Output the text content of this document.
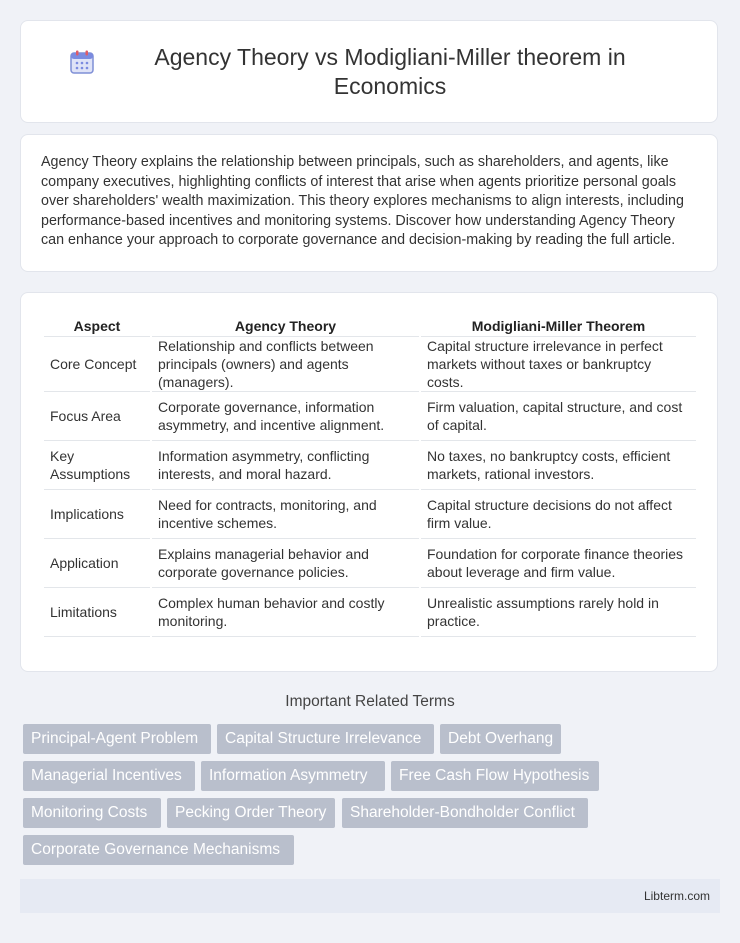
Agency Theory vs Modigliani-Miller theorem in Economics

Agency Theory explains the relationship between principals, such as shareholders, and agents, like company executives, highlighting conflicts of interest that arise when agents prioritize personal goals over shareholders' wealth maximization. This theory explores mechanisms to align interests, including performance-based incentives and monitoring systems. Discover how understanding Agency Theory can enhance your approach to corporate governance and decision-making by reading the full article.

Aspect	Agency Theory	Modigliani-Miller Theorem
Core Concept	Relationship and conflicts between principals (owners) and agents (managers).	Capital structure irrelevance in perfect markets without taxes or bankruptcy costs.
Focus Area	Corporate governance, information asymmetry, and incentive alignment.	Firm valuation, capital structure, and cost of capital.
Key Assumptions	Information asymmetry, conflicting interests, and moral hazard.	No taxes, no bankruptcy costs, efficient markets, rational investors.
Implications	Need for contracts, monitoring, and incentive schemes.	Capital structure decisions do not affect firm value.
Application	Explains managerial behavior and corporate governance policies.	Foundation for corporate finance theories about leverage and firm value.
Limitations	Complex human behavior and costly monitoring.	Unrealistic assumptions rarely hold in practice.
Important Related Terms
Principal-Agent Problem	Capital Structure Irrelevance	Debt Overhang
Managerial Incentives	Information Asymmetry	Free Cash Flow Hypothesis
Monitoring Costs	Pecking Order Theory	Shareholder-Bondholder Conflict
Corporate Governance Mechanisms
Libterm.com
